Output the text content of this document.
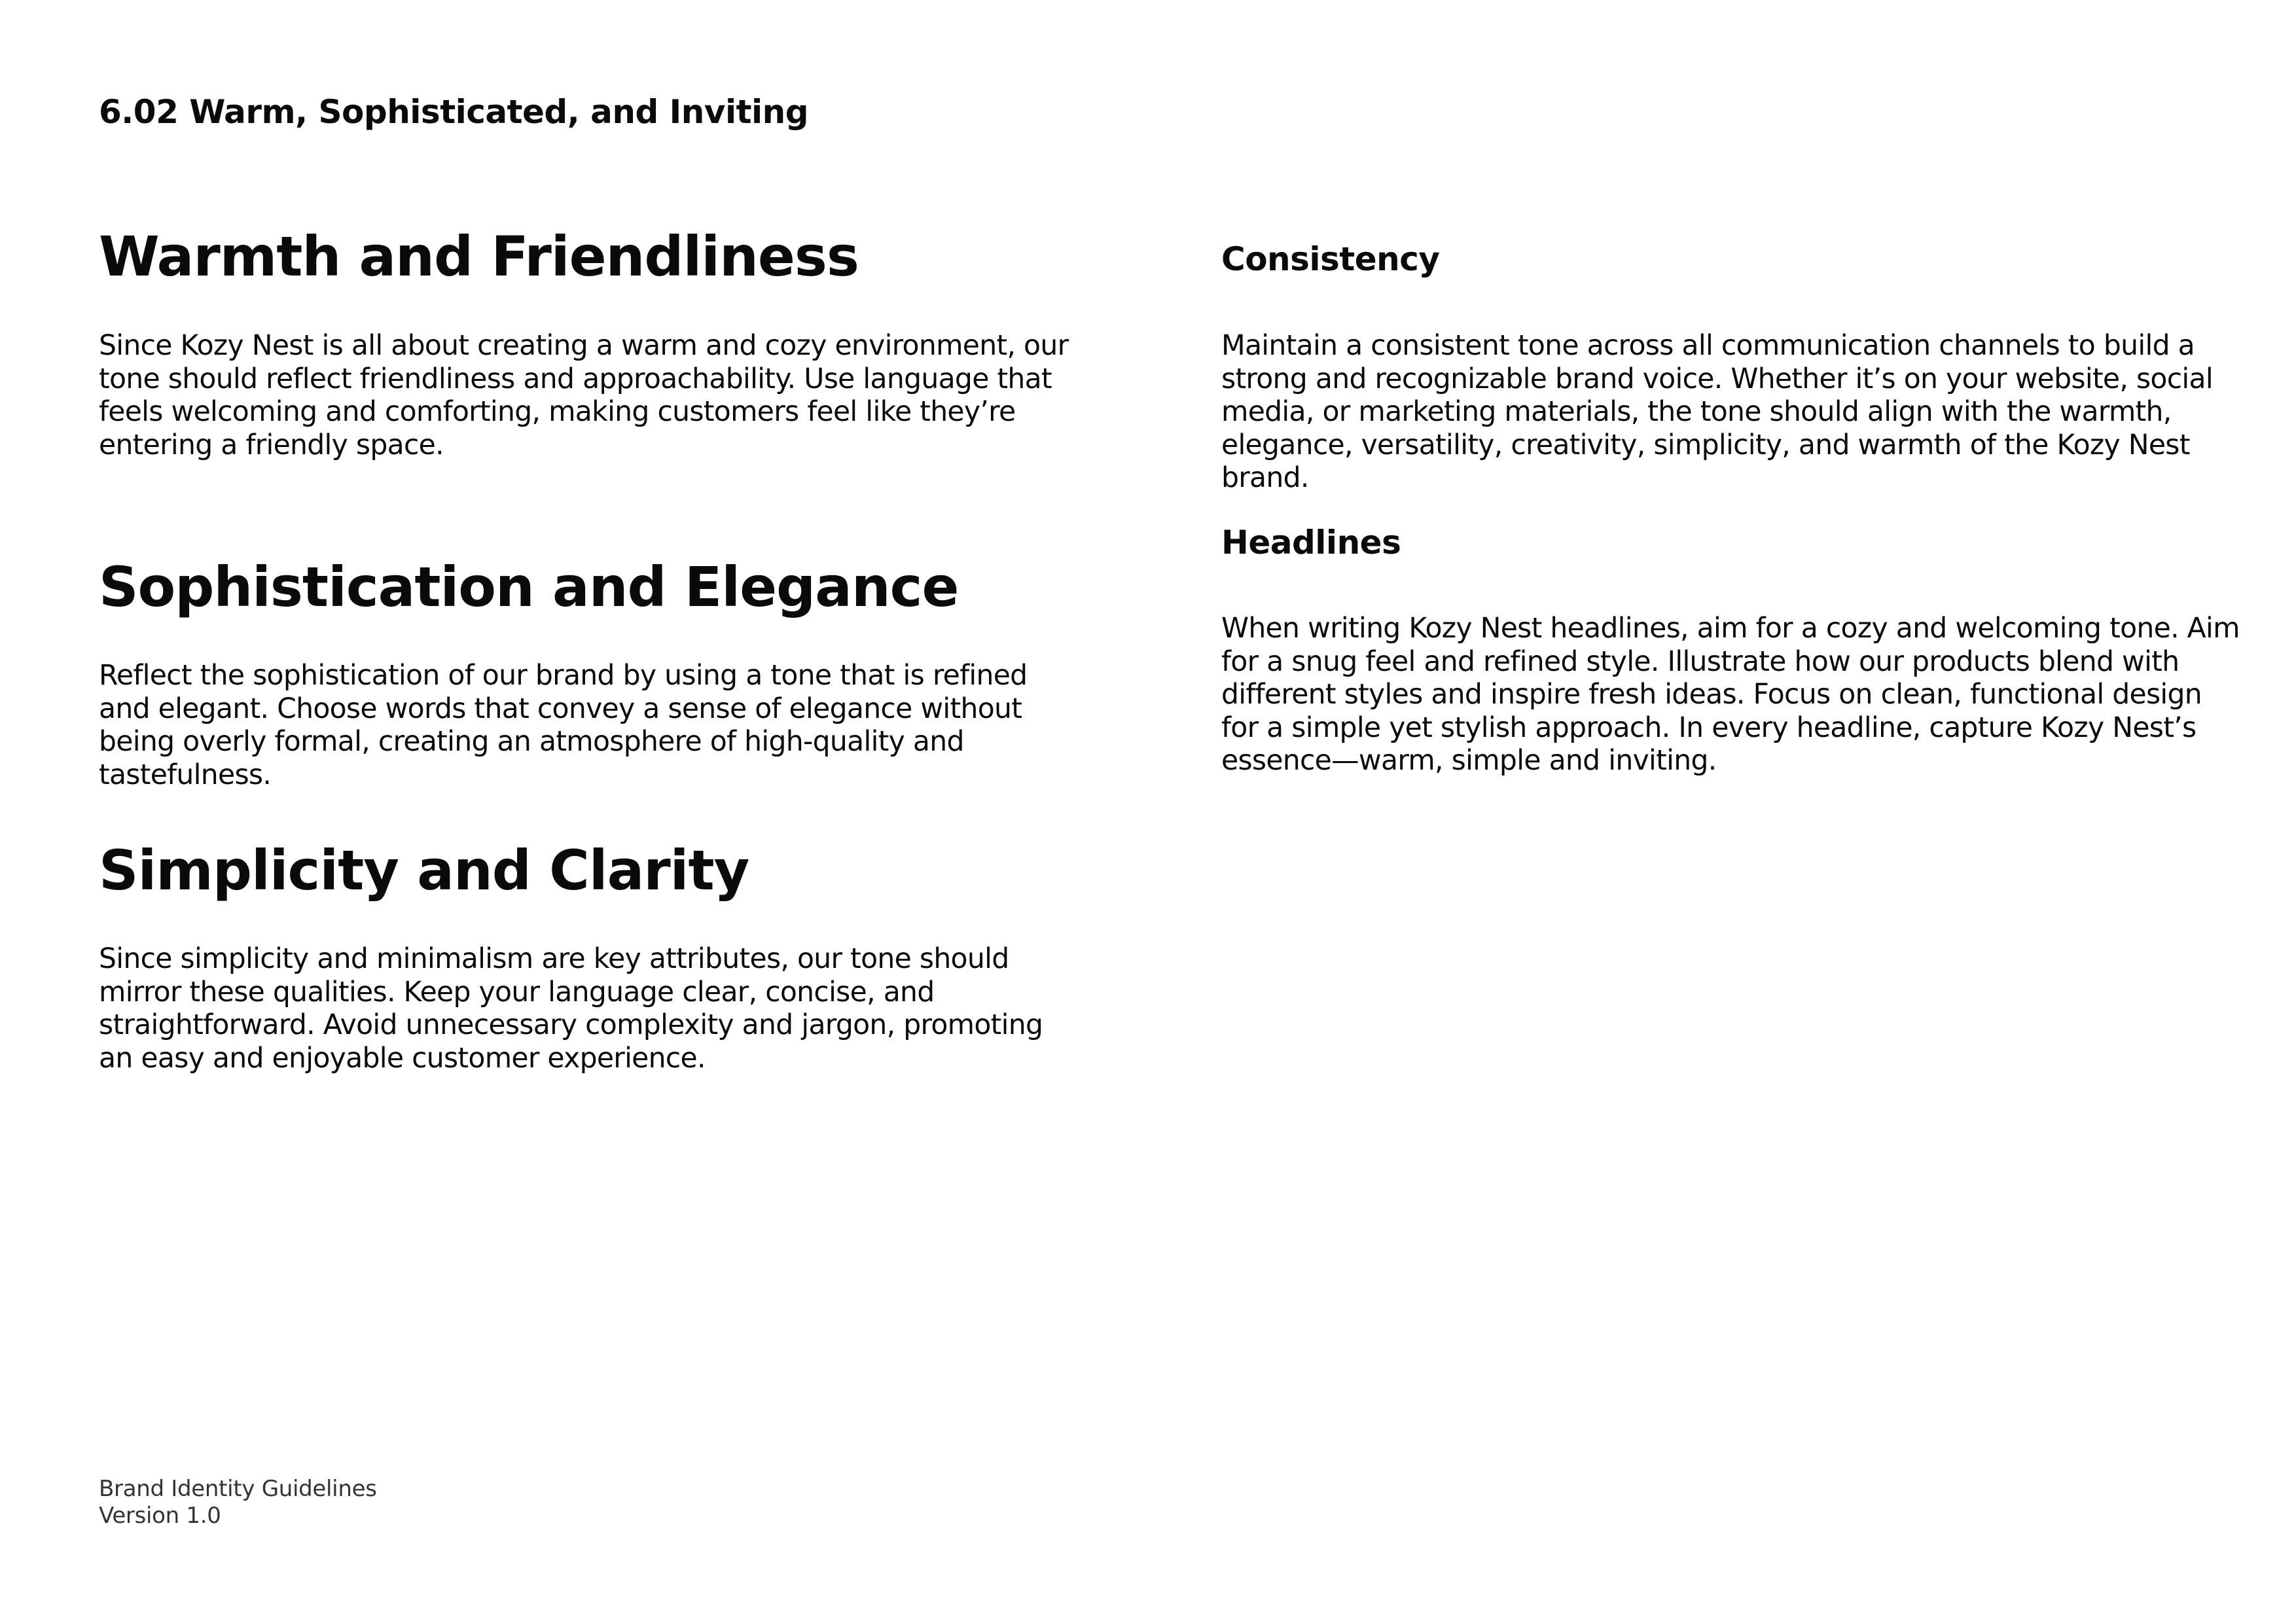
6.02 Warm, Sophisticated, and Inviting
Warmth and Friendliness

Since Kozy Nest is all about creating a warm and cozy environment, our tone should reflect friendliness and approachability. Use language that feels welcoming and comforting, making customers feel like they’re entering a friendly space.

Sophistication and Elegance

Reflect the sophistication of our brand by using a tone that is refined and elegant. Choose words that convey a sense of elegance without being overly formal, creating an atmosphere of high-quality and tastefulness.

Simplicity and Clarity

Since simplicity and minimalism are key attributes, our tone should mirror these qualities. Keep your language clear, concise, and straightforward. Avoid unnecessary complexity and jargon, promoting an easy and enjoyable customer experience.

Consistency

Maintain a consistent tone across all communication channels to build a strong and recognizable brand voice. Whether it’s on your website, social media, or marketing materials, the tone should align with the warmth, elegance, versatility, creativity, simplicity, and warmth of the Kozy Nest brand.

Headlines

When writing Kozy Nest headlines, aim for a cozy and welcoming tone. Aim for a snug feel and refined style. Illustrate how our products blend with different styles and inspire fresh ideas. Focus on clean, functional design for a simple yet stylish approach. In every headline, capture Kozy Nest’s essence—warm, simple and inviting.

Brand Identity Guidelines
Version 1.0
